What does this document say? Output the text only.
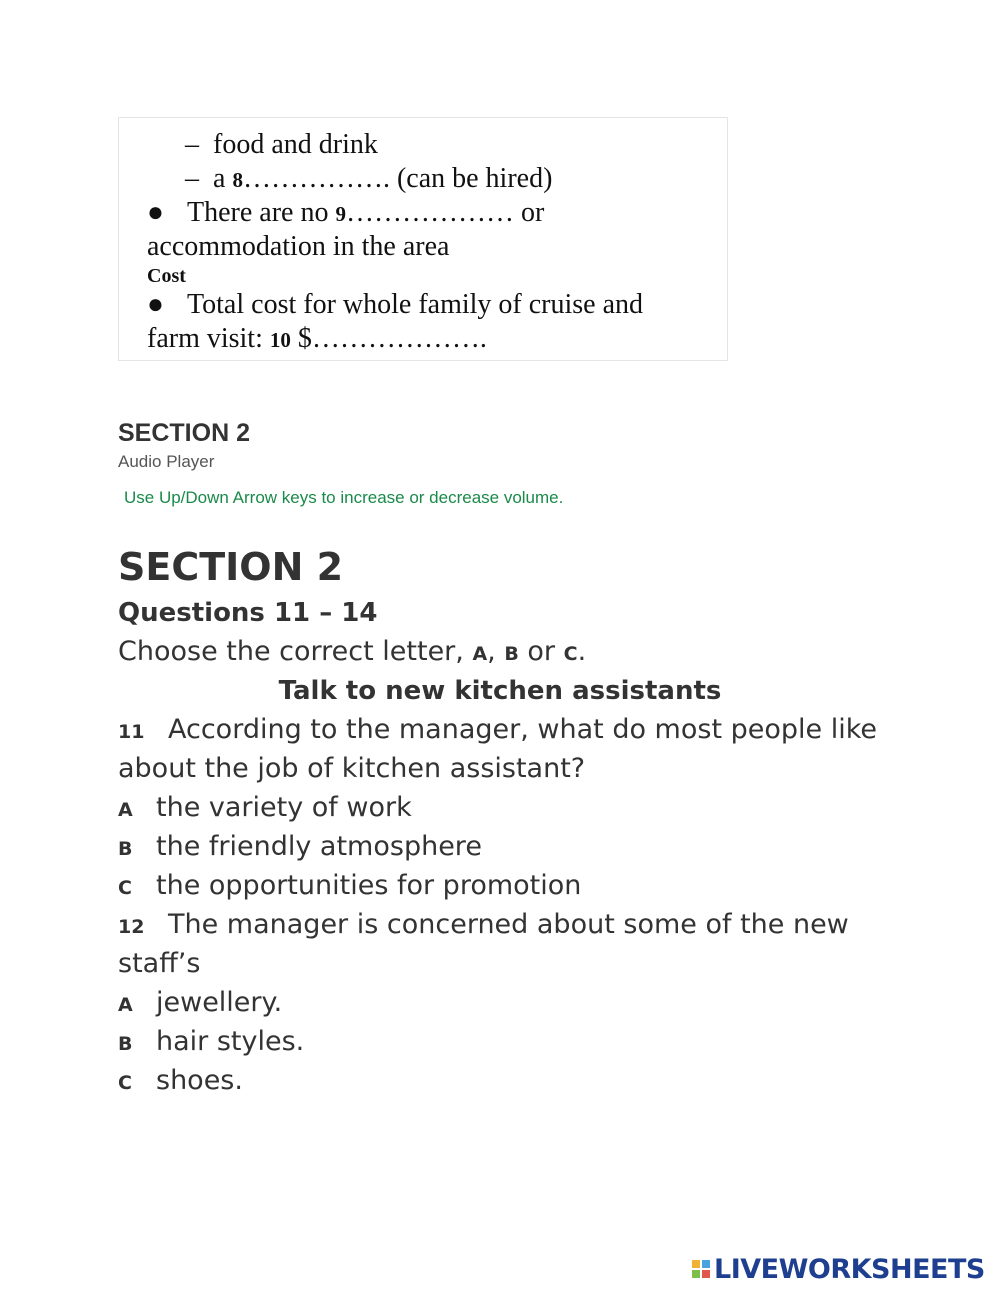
– food and drink
– a 8……………. (can be hired)
● There are no 9……………… or
accommodation in the area
Cost
● Total cost for whole family of cruise and
farm visit: 10 $……………….
SECTION 2
Audio Player
Use Up/Down Arrow keys to increase or decrease volume.
SECTION 2
Questions 11 – 14
Choose the correct letter, A, B or C.
Talk to new kitchen assistants
11 According to the manager, what do most people like
about the job of kitchen assistant?
A the variety of work
B the friendly atmosphere
C the opportunities for promotion
12 The manager is concerned about some of the new
staff’s
A jewellery.
B hair styles.
C shoes.
LIVEWORKSHEETS
